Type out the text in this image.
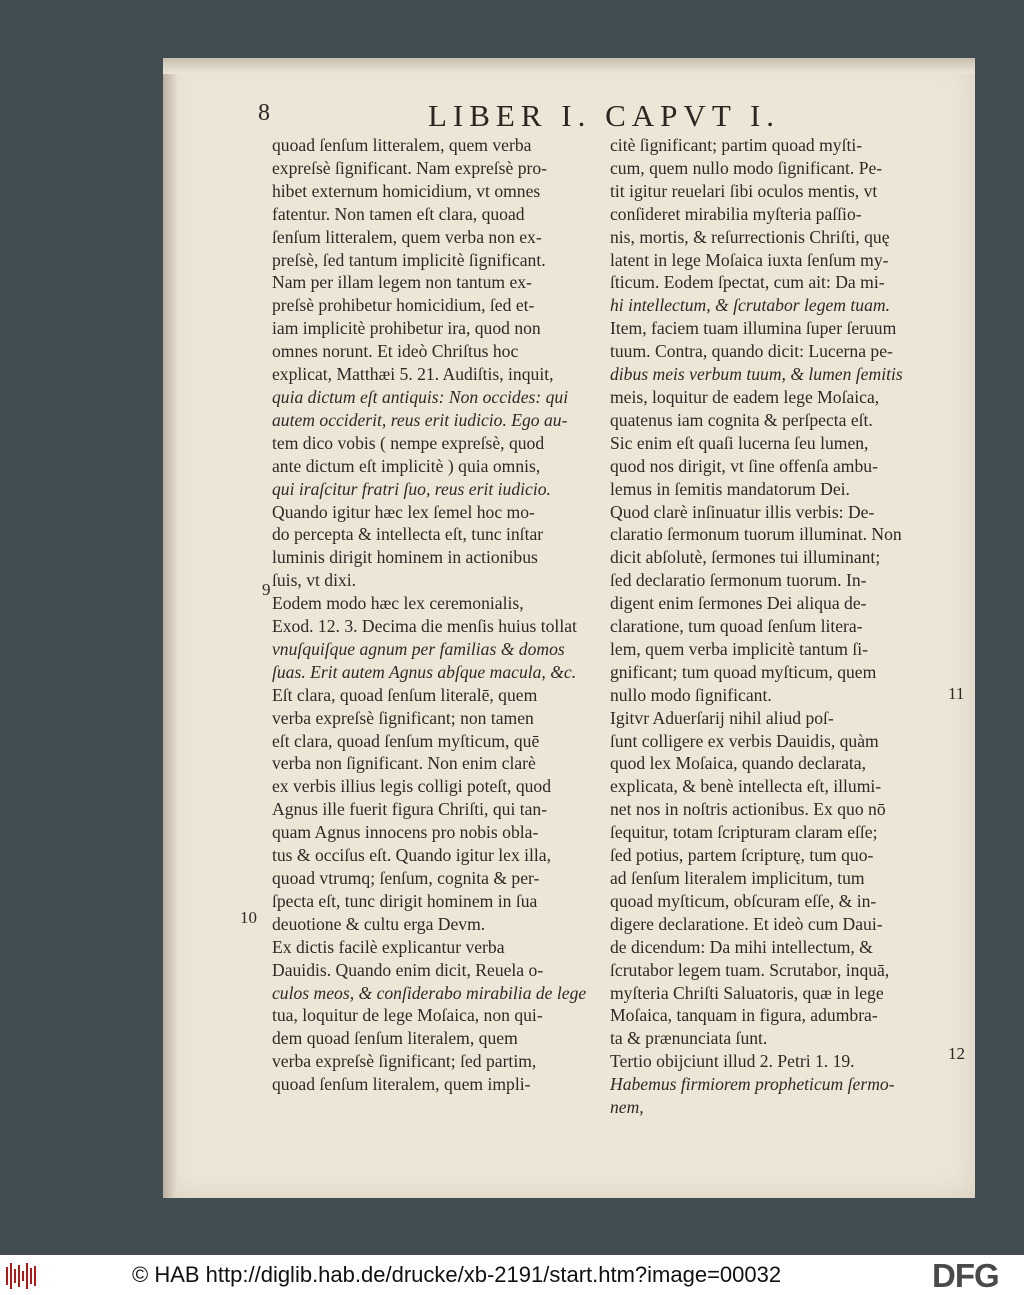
8	LIBER I. CAPVT I.
quoad ſenſum litteralem, quem verba
expreſsè ſignificant. Nam expreſsè pro-
hibet externum homicidium, vt omnes
fatentur. Non tamen eſt clara, quoad
ſenſum litteralem, quem verba non ex-
preſsè, ſed tantum implicitè ſignificant.
Nam per illam legem non tantum ex-
preſsè prohibetur homicidium, ſed et-
iam implicitè prohibetur ira, quod non
omnes norunt. Et ideò Chriſtus hoc
explicat, Matthæi 5. 21. Audiſtis, inquit,
quia dictum eſt antiquis: Non occides: qui
autem occiderit, reus erit iudicio. Ego au-
tem dico vobis ( nempe expreſsè, quod
ante dictum eſt implicitè ) quia omnis,
qui iraſcitur fratri ſuo, reus erit iudicio.
Quando igitur hæc lex ſemel hoc mo-
do percepta & intellecta eſt, tunc inſtar
luminis dirigit hominem in actionibus
ſuis, vt dixi.
Eodem modo hæc lex ceremonialis,
Exod. 12. 3. Decima die menſis huius tollat
vnuſquiſque agnum per familias & domos
ſuas. Erit autem Agnus abſque macula, &c.
Eſt clara, quoad ſenſum literalē, quem
verba expreſsè ſignificant; non tamen
eſt clara, quoad ſenſum myſticum, quē
verba non ſignificant. Non enim clarè
ex verbis illius legis colligi poteſt, quod
Agnus ille fuerit figura Chriſti, qui tan-
quam Agnus innocens pro nobis obla-
tus & occiſus eſt. Quando igitur lex illa,
quoad vtrumq; ſenſum, cognita & per-
ſpecta eſt, tunc dirigit hominem in ſua
deuotione & cultu erga Devm.
Ex dictis facilè explicantur verba
Dauidis. Quando enim dicit, Reuela o-
culos meos, & conſiderabo mirabilia de lege
tua, loquitur de lege Moſaica, non qui-
dem quoad ſenſum literalem, quem
verba expreſsè ſignificant; ſed partim,
quoad ſenſum literalem, quem impli-
citè ſignificant; partim quoad myſti-
cum, quem nullo modo ſignificant. Pe-
tit igitur reuelari ſibi oculos mentis, vt
conſideret mirabilia myſteria paſſio-
nis, mortis, & reſurrectionis Chriſti, quę
latent in lege Moſaica iuxta ſenſum my-
ſticum. Eodem ſpectat, cum ait: Da mi-
hi intellectum, & ſcrutabor legem tuam.
Item, faciem tuam illumina ſuper ſeruum
tuum. Contra, quando dicit: Lucerna pe-
dibus meis verbum tuum, & lumen ſemitis
meis, loquitur de eadem lege Moſaica,
quatenus iam cognita & perſpecta eſt.
Sic enim eſt quaſi lucerna ſeu lumen,
quod nos dirigit, vt ſine offenſa ambu-
lemus in ſemitis mandatorum Dei.
Quod clarè inſinuatur illis verbis: De-
claratio ſermonum tuorum illuminat. Non
dicit abſolutè, ſermones tui illuminant;
ſed declaratio ſermonum tuorum. In-
digent enim ſermones Dei aliqua de-
claratione, tum quoad ſenſum litera-
lem, quem verba implicitè tantum ſi-
gnificant; tum quoad myſticum, quem
nullo modo ſignificant.
Igitvr Aduerſarij nihil aliud poſ-
ſunt colligere ex verbis Dauidis, quàm
quod lex Moſaica, quando declarata,
explicata, & benè intellecta eſt, illumi-
net nos in noſtris actionibus. Ex quo nō
ſequitur, totam ſcripturam claram eſſe;
ſed potius, partem ſcripturę, tum quo-
ad ſenſum literalem implicitum, tum
quoad myſticum, obſcuram eſſe, & in-
digere declaratione. Et ideò cum Daui-
de dicendum: Da mihi intellectum, &
ſcrutabor legem tuam. Scrutabor, inquā,
myſteria Chriſti Saluatoris, quæ in lege
Moſaica, tanquam in figura, adumbra-
ta & prænunciata ſunt.
Tertio obijciunt illud 2. Petri 1. 19.
Habemus firmiorem propheticum ſermo-
nem,
9
10
11
12
© HAB http://diglib.hab.de/drucke/xb-2191/start.htm?image=00032	DFG
